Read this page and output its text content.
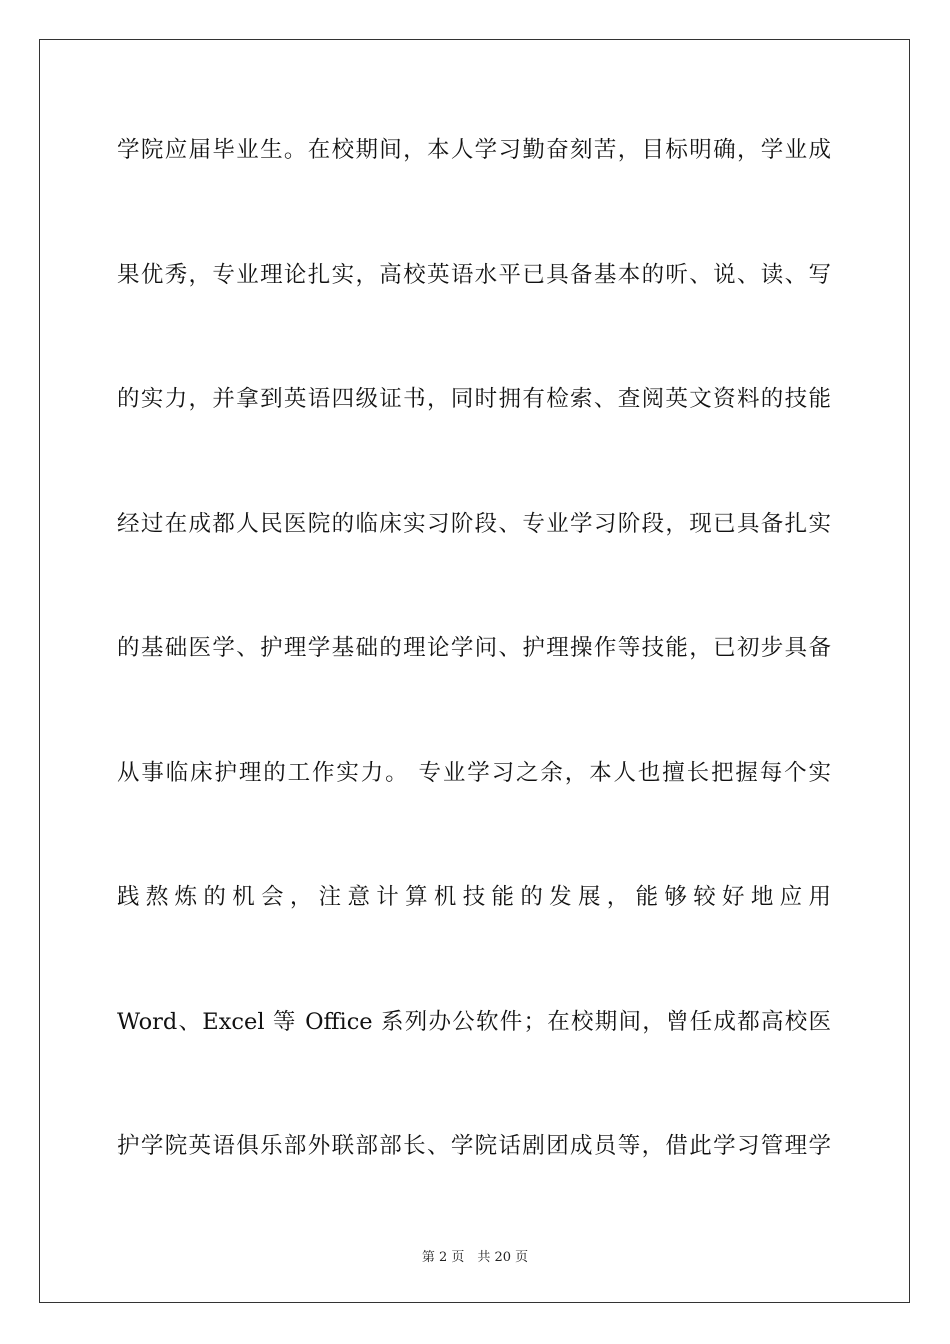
学院应届毕业生。在校期间，本人学习勤奋刻苦，目标明确，学业成
果优秀，专业理论扎实，高校英语水平已具备基本的听、说、读、写
的实力，并拿到英语四级证书，同时拥有检索、查阅英文资料的技能
经过在成都人民医院的临床实习阶段、专业学习阶段，现已具备扎实
的基础医学、护理学基础的理论学问、护理操作等技能，已初步具备
从事临床护理的工作实力。 专业学习之余，本人也擅长把握每个实
践熬炼的机会，注意计算机技能的发展，能够较好地应用
Word、Excel 等 Office 系列办公软件；在校期间，曾任成都高校医
护学院英语俱乐部外联部部长、学院话剧团成员等，借此学习管理学
第 2 页　共 20 页
